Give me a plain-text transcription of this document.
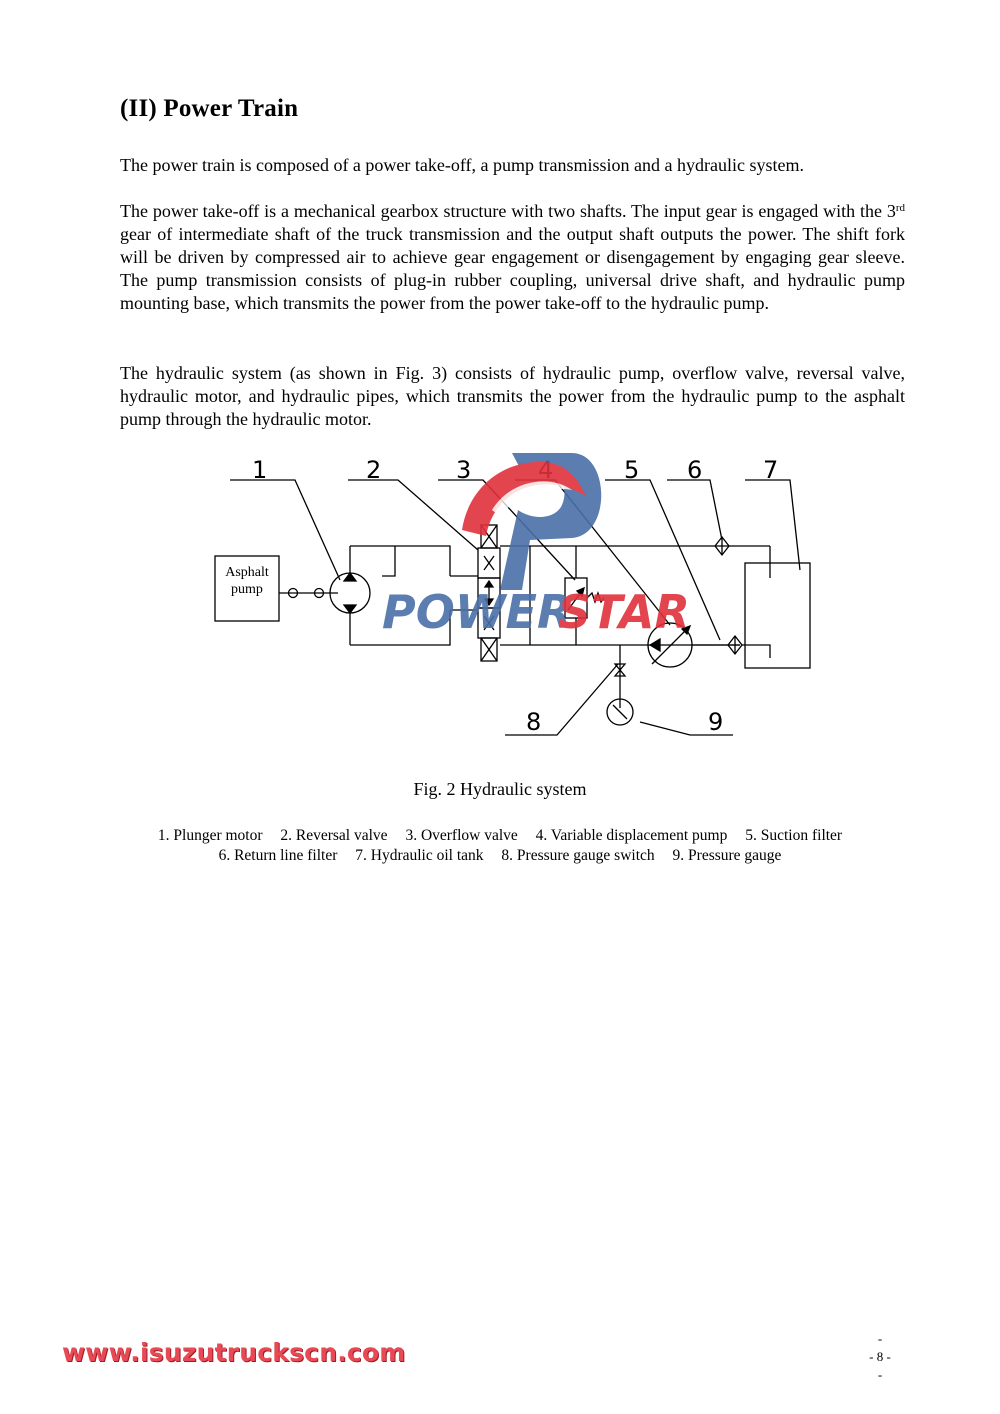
(II) Power Train

The power train is composed of a power take-off, a pump transmission and a hydraulic system.

The power take-off is a mechanical gearbox structure with two shafts. The input gear is engaged with the 3rd gear of intermediate shaft of the truck transmission and the output shaft outputs the power. The shift fork will be driven by compressed air to achieve gear engagement or disengagement by engaging gear sleeve. The pump transmission consists of plug-in rubber coupling, universal drive shaft, and hydraulic pump mounting base, which transmits the power from the power take-off to the hydraulic pump.

The hydraulic system (as shown in Fig. 3) consists of hydraulic pump, overflow valve, reversal valve, hydraulic motor, and hydraulic pipes, which transmits the power from the hydraulic pump to the asphalt pump through the hydraulic motor.

1	2	3	5 6	7
8	9
Asphalt
pump	POWER
STAR

Fig. 2 Hydraulic system

1. Plunger motor 2. Reversal valve 3. Overflow valve 4. Variable displacement pump 5. Suction filter
6. Return line filter 7. Hydraulic oil tank 8. Pressure gauge switch 9. Pressure gauge
www.isuzutruckscn.com	-
- 8 -
-
